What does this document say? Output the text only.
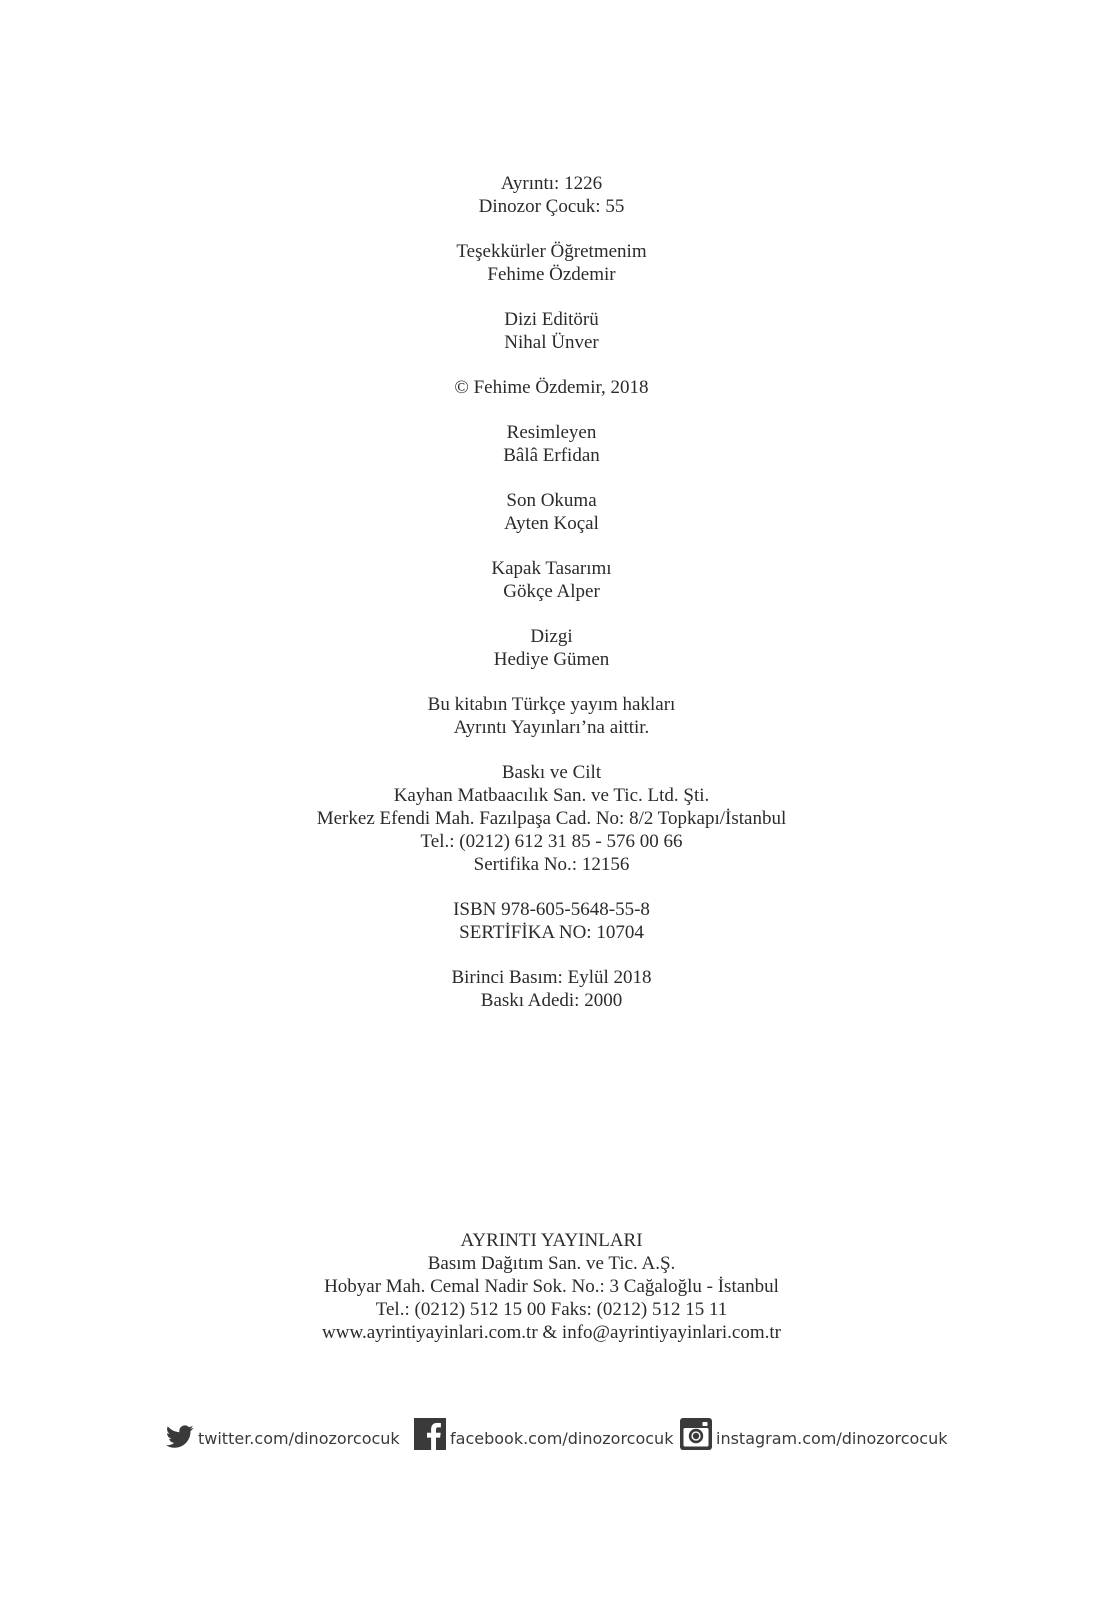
Ayrıntı: 1226
Dinozor Çocuk: 55
Teşekkürler Öğretmenim
Fehime Özdemir
Dizi Editörü
Nihal Ünver
© Fehime Özdemir, 2018
Resimleyen
Bâlâ Erfidan
Son Okuma
Ayten Koçal
Kapak Tasarımı
Gökçe Alper
Dizgi
Hediye Gümen
Bu kitabın Türkçe yayım hakları
Ayrıntı Yayınları’na aittir.
Baskı ve Cilt
Kayhan Matbaacılık San. ve Tic. Ltd. Şti.
Merkez Efendi Mah. Fazılpaşa Cad. No: 8/2 Topkapı/İstanbul
Tel.: (0212) 612 31 85 - 576 00 66
Sertifika No.: 12156
ISBN 978-605-5648-55-8
SERTİFİKA NO: 10704
Birinci Basım: Eylül 2018
Baskı Adedi: 2000
AYRINTI YAYINLARI
Basım Dağıtım San. ve Tic. A.Ş.
Hobyar Mah. Cemal Nadir Sok. No.: 3 Cağaloğlu - İstanbul
Tel.: (0212) 512 15 00 Faks: (0212) 512 15 11
www.ayrintiyayinlari.com.tr & info@ayrintiyayinlari.com.tr
twitter.com/dinozorcocuk	facebook.com/dinozorcocuk	instagram.com/dinozorcocuk
